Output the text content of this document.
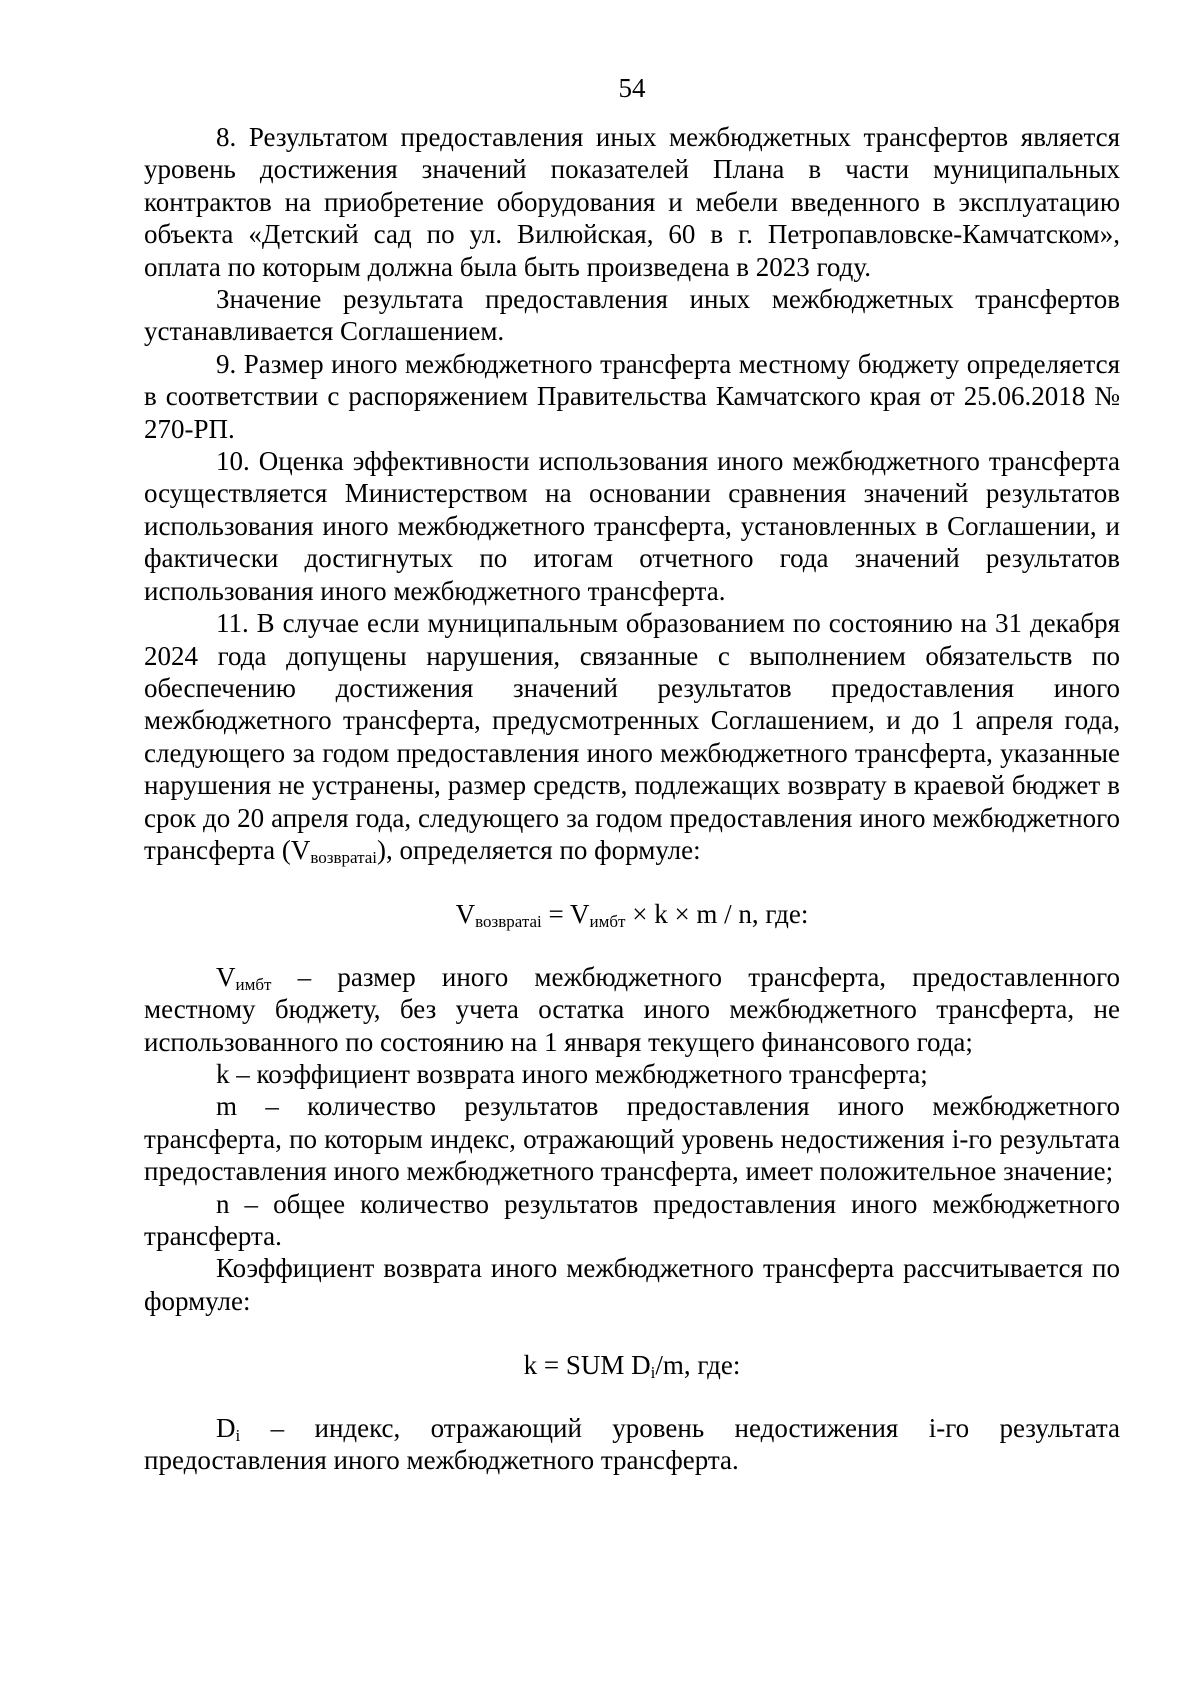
54

8. Результатом предоставления иных межбюджетных трансфертов является уровень достижения значений показателей Плана в части муниципальных контрактов на приобретение оборудования и мебели введенного в эксплуатацию объекта «Детский сад по ул. Вилюйская, 60 в г. Петропавловске-Камчатском», оплата по которым должна была быть произведена в 2023 году.

Значение результата предоставления иных межбюджетных трансфертов устанавливается Соглашением.

9. Размер иного межбюджетного трансферта местному бюджету определяется в соответствии с распоряжением Правительства Камчатского края от 25.06.2018 № 270-РП.

10. Оценка эффективности использования иного межбюджетного трансферта осуществляется Министерством на основании сравнения значений результатов использования иного межбюджетного трансферта, установленных в Соглашении, и фактически достигнутых по итогам отчетного года значений результатов использования иного межбюджетного трансферта.

11. В случае если муниципальным образованием по состоянию на 31 декабря 2024 года допущены нарушения, связанные с выполнением обязательств по обеспечению достижения значений результатов предоставления иного межбюджетного трансферта, предусмотренных Соглашением, и до 1 апреля года, следующего за годом предоставления иного межбюджетного трансферта, указанные нарушения не устранены, размер средств, подлежащих возврату в краевой бюджет в срок до 20 апреля года, следующего за годом предоставления иного межбюджетного трансферта $(V_{возвратаi})$, определяется по формуле:

$V_{возвратаi} = V_{имбт} \times k \times m / n$, где:

$V_{имбт}$ – размер иного межбюджетного трансферта, предоставленного местному бюджету, без учета остатка иного межбюджетного трансферта, не использованного по состоянию на 1 января текущего финансового года;

k – коэффициент возврата иного межбюджетного трансферта;

m – количество результатов предоставления иного межбюджетного трансферта, по которым индекс, отражающий уровень недостижения i-го результата предоставления иного межбюджетного трансферта, имеет положительное значение;

n – общее количество результатов предоставления иного межбюджетного трансферта.

Коэффициент возврата иного межбюджетного трансферта рассчитывается по формуле:

k = SUM $D_i/m$, где:

$D_i$ – индекс, отражающий уровень недостижения i-го результата предоставления иного межбюджетного трансферта.
